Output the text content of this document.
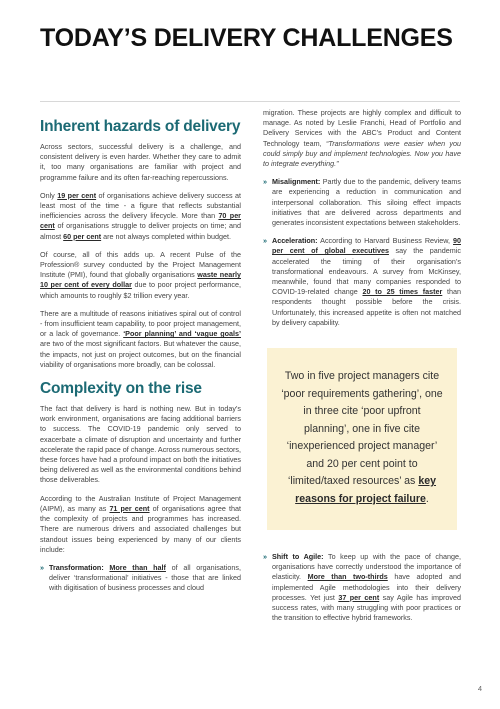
TODAY’S DELIVERY CHALLENGES
Inherent hazards of delivery

Across sectors, successful delivery is a challenge, and consistent delivery is even harder. Whether they care to admit it, too many organisations are familiar with project and programme failure and its often far-reaching repercussions.

Only 19 per cent of organisations achieve delivery success at least most of the time - a figure that reflects substantial inefficiencies across the delivery lifecycle. More than 70 per cent of organisations struggle to deliver projects on time; and almost 60 per cent are not always completed within budget.

Of course, all of this adds up. A recent Pulse of the Profession® survey conducted by the Project Management Institute (PMI), found that globally organisations waste nearly 10 per cent of every dollar due to poor project performance, which amounts to roughly $2 trillion every year.

There are a multitude of reasons initiatives spiral out of control - from insufficient team capability, to poor project management, or a lack of governance. ‘Poor planning’ and ‘vague goals’ are two of the most significant factors. But whatever the cause, the impacts, not just on project outcomes, but on the financial viability of organisations more broadly, can be colossal.

Complexity on the rise

The fact that delivery is hard is nothing new. But in today’s work environment, organisations are facing additional barriers to success. The COVID-19 pandemic only served to exacerbate a climate of disruption and uncertainty and further accelerate the rapid pace of change. Across numerous sectors, these forces have had a profound impact on both the initiatives being delivered as well as the environmental conditions behind those deliverables.

According to the Australian Institute of Project Management (AIPM), as many as 71 per cent of organisations agree that the complexity of projects and programmes has increased. There are numerous drivers and associated challenges but standout issues being experienced by many of our clients include:

» Transformation: More than half of all organisations, deliver ‘transformational’ initiatives - those that are linked with digitisation of business processes and cloud

migration. These projects are highly complex and difficult to manage. As noted by Leslie Franchi, Head of Portfolio and Delivery Services with the ABC’s Product and Content Technology team, “Transformations were easier when you could simply buy and implement technologies. Now you have to integrate everything.”

» Misalignment: Partly due to the pandemic, delivery teams are experiencing a reduction in communication and interpersonal collaboration. This siloing effect impacts initiatives that are delivered across departments and generates inconsistent expectations between stakeholders.
» Acceleration: According to Harvard Business Review, 90 per cent of global executives say the pandemic accelerated the timing of their organisation’s transformational endeavours. A survey from McKinsey, meanwhile, found that many companies responded to COVID-19-related change 20 to 25 times faster than respondents thought possible before the crisis. Unfortunately, this increased appetite is often not matched by delivery capability.
Two in five project managers cite ‘poor requirements gathering’, one in three cite ‘poor upfront planning’, one in five cite ‘inexperienced project manager’ and 20 per cent point to ‘limited/taxed resources’ as key reasons for project failure.
» Shift to Agile: To keep up with the pace of change, organisations have correctly understood the importance of elasticity. More than two-thirds have adopted and implemented Agile methodologies into their delivery processes. Yet just 37 per cent say Agile has improved success rates, with many struggling with poor practices or the transition to effective hybrid frameworks.
4
